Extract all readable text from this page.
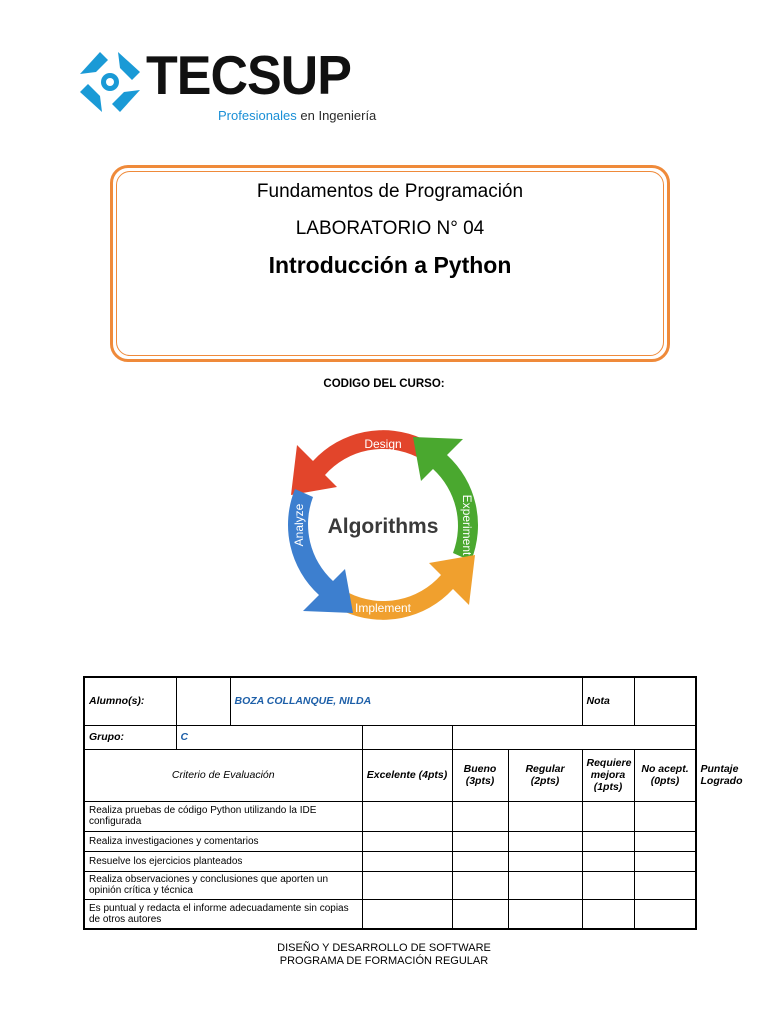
TECSUP
Profesionales en Ingeniería
Fundamentos de Programación
LABORATORIO N° 04
Introducción a Python
CODIGO DEL CURSO:
Algorithms
Design
Experiment
Implement
Analyze
Alumno(s):		BOZA COLLANQUE, NILDA				Nota		
Grupo:	C							
Criterio de Evaluación			Excelente (4pts)	Bueno (3pts)	Regular (2pts)	Requiere mejora (1pts)	No acept. (0pts)	Puntaje Logrado
Realiza pruebas de código Python utilizando la IDE configurada								
Realiza investigaciones y comentarios								
Resuelve los ejercicios planteados								
Realiza observaciones y conclusiones que aporten un opinión crítica y técnica								
Es puntual y redacta el informe adecuadamente sin copias de otros autores								
DISEÑO Y DESARROLLO DE SOFTWARE
PROGRAMA DE FORMACIÓN REGULAR
